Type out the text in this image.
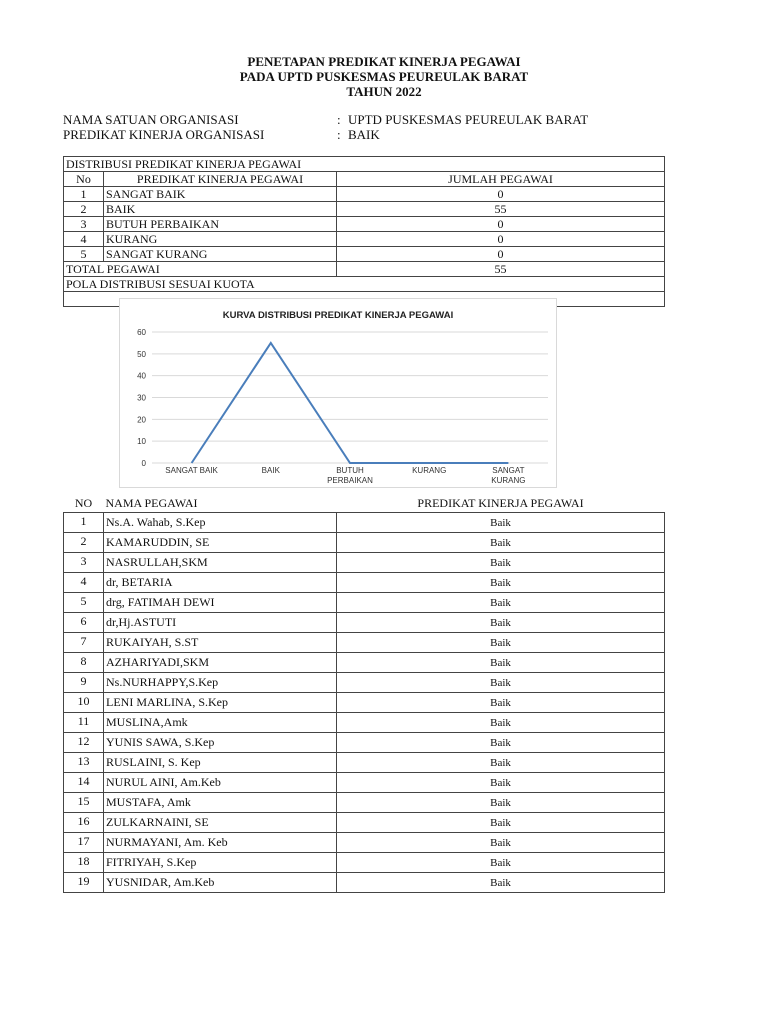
PENETAPAN PREDIKAT KINERJA PEGAWAI
PADA UPTD PUSKESMAS PEUREULAK BARAT
TAHUN 2022
NAMA SATUAN ORGANISASI	: UPTD PUSKESMAS PEUREULAK BARAT
PREDIKAT KINERJA ORGANISASI	: BAIK
DISTRIBUSI PREDIKAT KINERJA PEGAWAI		
No	PREDIKAT KINERJA PEGAWAI	JUMLAH PEGAWAI
1	SANGAT BAIK	0
2	BAIK	55
3	BUTUH PERBAIKAN	0
4	KURANG	0
5	SANGAT KURANG	0
TOTAL PEGAWAI		55
POLA DISTRIBUSI SESUAI KUOTA		

KURVA DISTRIBUSI PREDIKAT KINERJA PEGAWAI
0
10
20
30
40
50
60
SANGAT BAIK	BAIK	BUTUH PERBAIKAN
KURANG	SANGAT KURANG
NO	NAMA PEGAWAI	PREDIKAT KINERJA PEGAWAI
1	Ns.A. Wahab, S.Kep	Baik
2	KAMARUDDIN, SE	Baik
3	NASRULLAH,SKM	Baik
4	dr, BETARIA	Baik
5	drg, FATIMAH DEWI	Baik
6	dr,Hj.ASTUTI	Baik
7	RUKAIYAH, S.ST	Baik
8	AZHARIYADI,SKM	Baik
9	Ns.NURHAPPY,S.Kep	Baik
10	LENI MARLINA, S.Kep	Baik
11	MUSLINA,Amk	Baik
12	YUNIS SAWA, S.Kep	Baik
13	RUSLAINI, S. Kep	Baik
14	NURUL AINI, Am.Keb	Baik
15	MUSTAFA, Amk	Baik
16	ZULKARNAINI, SE	Baik
17	NURMAYANI, Am. Keb	Baik
18	FITRIYAH, S.Kep	Baik
19	YUSNIDAR, Am.Keb	Baik
